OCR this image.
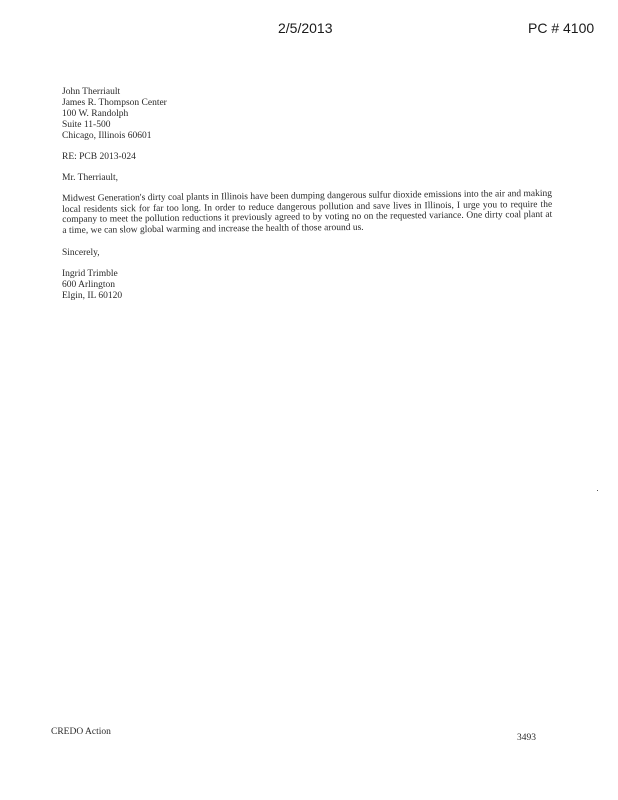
2/5/2013	PC # 4100
John Therriault
James R. Thompson Center
100 W. Randolph
Suite 11-500
Chicago, Illinois 60601
RE: PCB 2013-024
Mr. Therriault,
Midwest Generation's dirty coal plants in Illinois have been dumping dangerous sulfur dioxide emissions into the air and making local residents sick for far too long. In order to reduce dangerous pollution and save lives in Illinois, I urge you to require the company to meet the pollution reductions it previously agreed to by voting no on the requested variance. One dirty coal plant at a time, we can slow global warming and increase the health of those around us.
Sincerely,
Ingrid Trimble
600 Arlington
Elgin, IL 60120
CREDO Action
3493
